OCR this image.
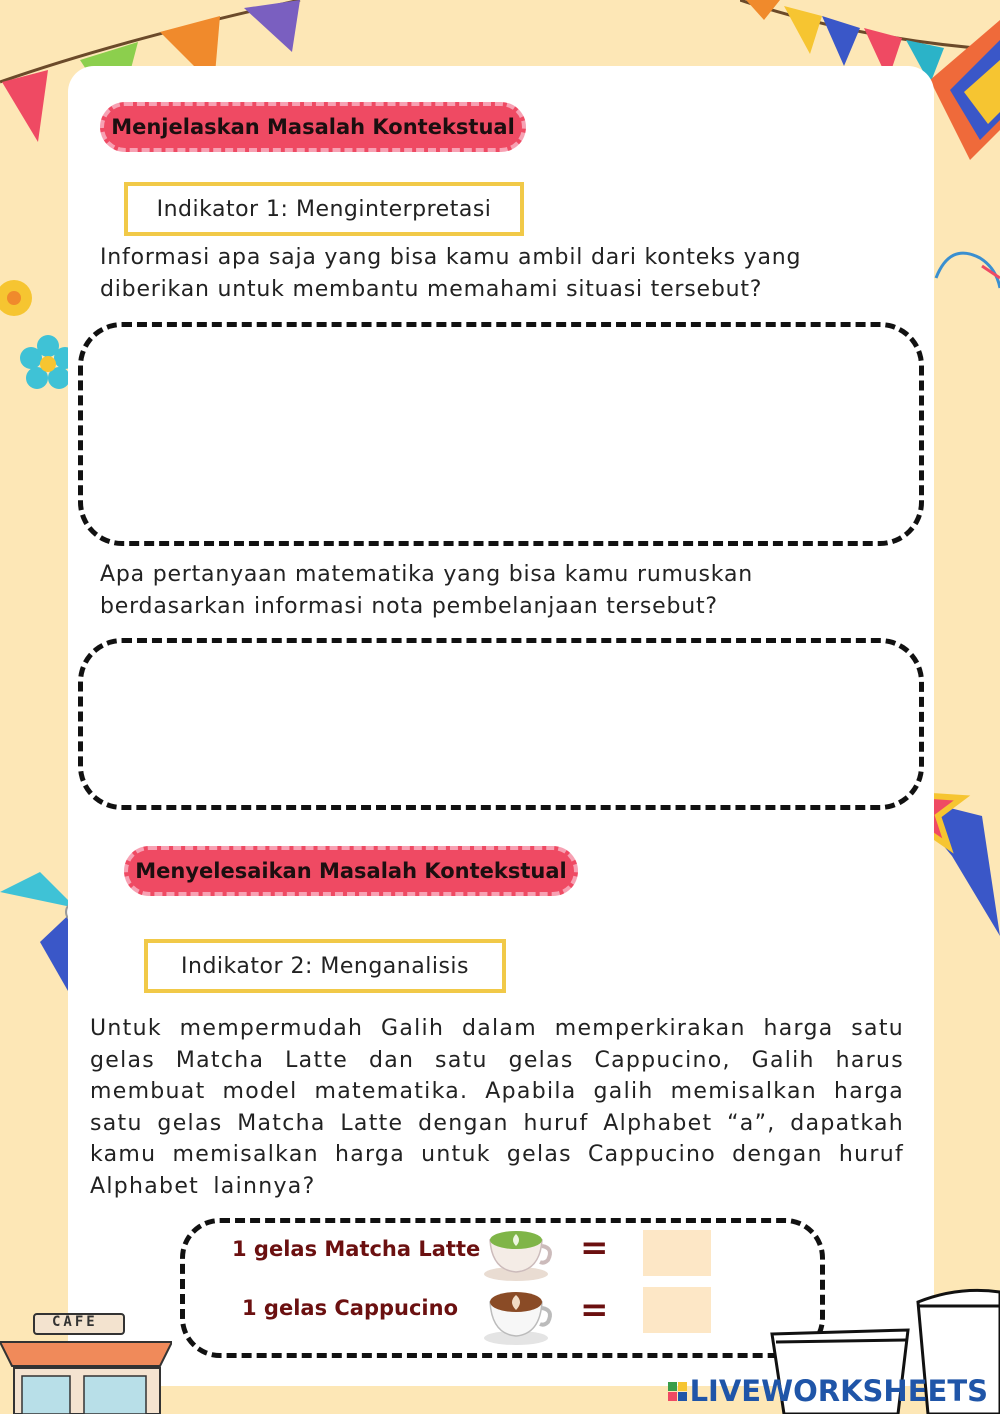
Menjelaskan Masalah Kontekstual
Indikator 1: Menginterpretasi

Informasi apa saja yang bisa kamu ambil dari konteks yang diberikan untuk membantu memahami situasi tersebut?

Apa pertanyaan matematika yang bisa kamu rumuskan berdasarkan informasi nota pembelanjaan tersebut?

Menyelesaikan Masalah Kontekstual
Indikator 2: Menganalisis

Untuk mempermudah Galih dalam memperkirakan harga satu gelas Matcha Latte dan satu gelas Cappucino, Galih harus membuat model matematika. Apabila galih memisalkan harga satu gelas Matcha Latte dengan huruf Alphabet “a”, dapatkah kamu memisalkan harga untuk gelas Cappucino dengan huruf Alphabet lainnya?

1 gelas Matcha Latte	=
1 gelas Cappucino	=
CAFE
LIVEWORKSHEETS
